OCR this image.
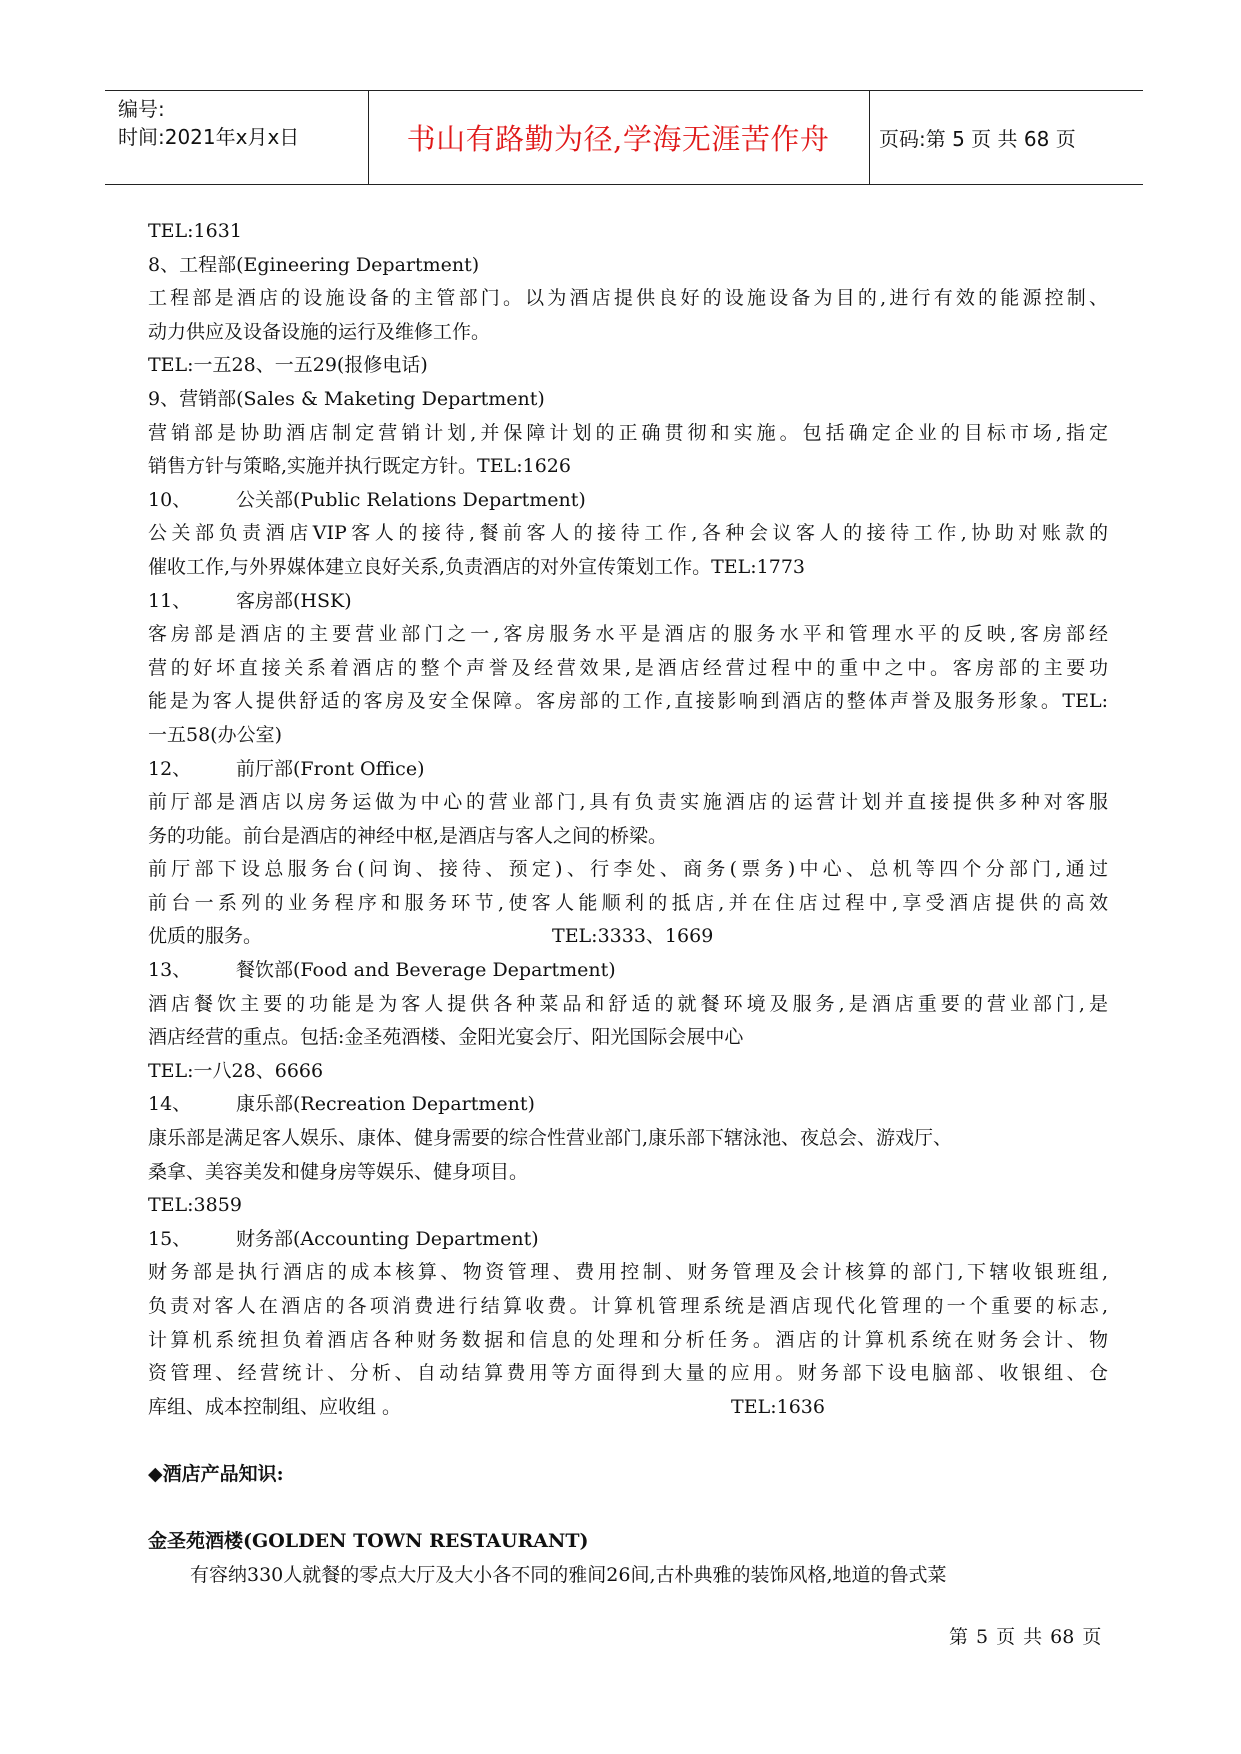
编号:
时间:2021年x月x日	书山有路勤为径,学海无涯苦作舟	页码:第 5 页 共 68 页
TEL:1631
8、工程部(Egineering Department)
工程部是酒店的设施设备的主管部门。以为酒店提供良好的设施设备为目的,进行有效的能源控制、
动力供应及设备设施的运行及维修工作。
TEL:一五28、一五29(报修电话)
9、营销部(Sales & Maketing Department)
营销部是协助酒店制定营销计划,并保障计划的正确贯彻和实施。包括确定企业的目标市场,指定
销售方针与策略,实施并执行既定方针。TEL:1626
10、 公关部(Public Relations Department)
公关部负责酒店VIP客人的接待,餐前客人的接待工作,各种会议客人的接待工作,协助对账款的
催收工作,与外界媒体建立良好关系,负责酒店的对外宣传策划工作。TEL:1773
11、 客房部(HSK)
客房部是酒店的主要营业部门之一,客房服务水平是酒店的服务水平和管理水平的反映,客房部经
营的好坏直接关系着酒店的整个声誉及经营效果,是酒店经营过程中的重中之中。客房部的主要功
能是为客人提供舒适的客房及安全保障。客房部的工作,直接影响到酒店的整体声誉及服务形象。TEL:
一五58(办公室)
12、 前厅部(Front Office)
前厅部是酒店以房务运做为中心的营业部门,具有负责实施酒店的运营计划并直接提供多种对客服
务的功能。前台是酒店的神经中枢,是酒店与客人之间的桥梁。
前厅部下设总服务台(问询、接待、预定)、行李处、商务(票务)中心、总机等四个分部门,通过
前台一系列的业务程序和服务环节,使客人能顺利的抵店,并在住店过程中,享受酒店提供的高效
优质的服务。	TEL:3333、1669
13、 餐饮部(Food and Beverage Department)
酒店餐饮主要的功能是为客人提供各种菜品和舒适的就餐环境及服务,是酒店重要的营业部门,是
酒店经营的重点。包括:金圣苑酒楼、金阳光宴会厅、阳光国际会展中心
TEL:一八28、6666
14、 康乐部(Recreation Department)
康乐部是满足客人娱乐、康体、健身需要的综合性营业部门,康乐部下辖泳池、夜总会、游戏厅、
桑拿、美容美发和健身房等娱乐、健身项目。
TEL:3859
15、 财务部(Accounting Department)
财务部是执行酒店的成本核算、物资管理、费用控制、财务管理及会计核算的部门,下辖收银班组,
负责对客人在酒店的各项消费进行结算收费。计算机管理系统是酒店现代化管理的一个重要的标志,
计算机系统担负着酒店各种财务数据和信息的处理和分析任务。酒店的计算机系统在财务会计、物
资管理、经营统计、分析、自动结算费用等方面得到大量的应用。财务部下设电脑部、收银组、仓
库组、成本控制组、应收组 。	TEL:1636
◆酒店产品知识:
金圣苑酒楼(GOLDEN TOWN RESTAURANT)
有容纳330人就餐的零点大厅及大小各不同的雅间26间,古朴典雅的装饰风格,地道的鲁式菜
第 5 页 共 68 页
